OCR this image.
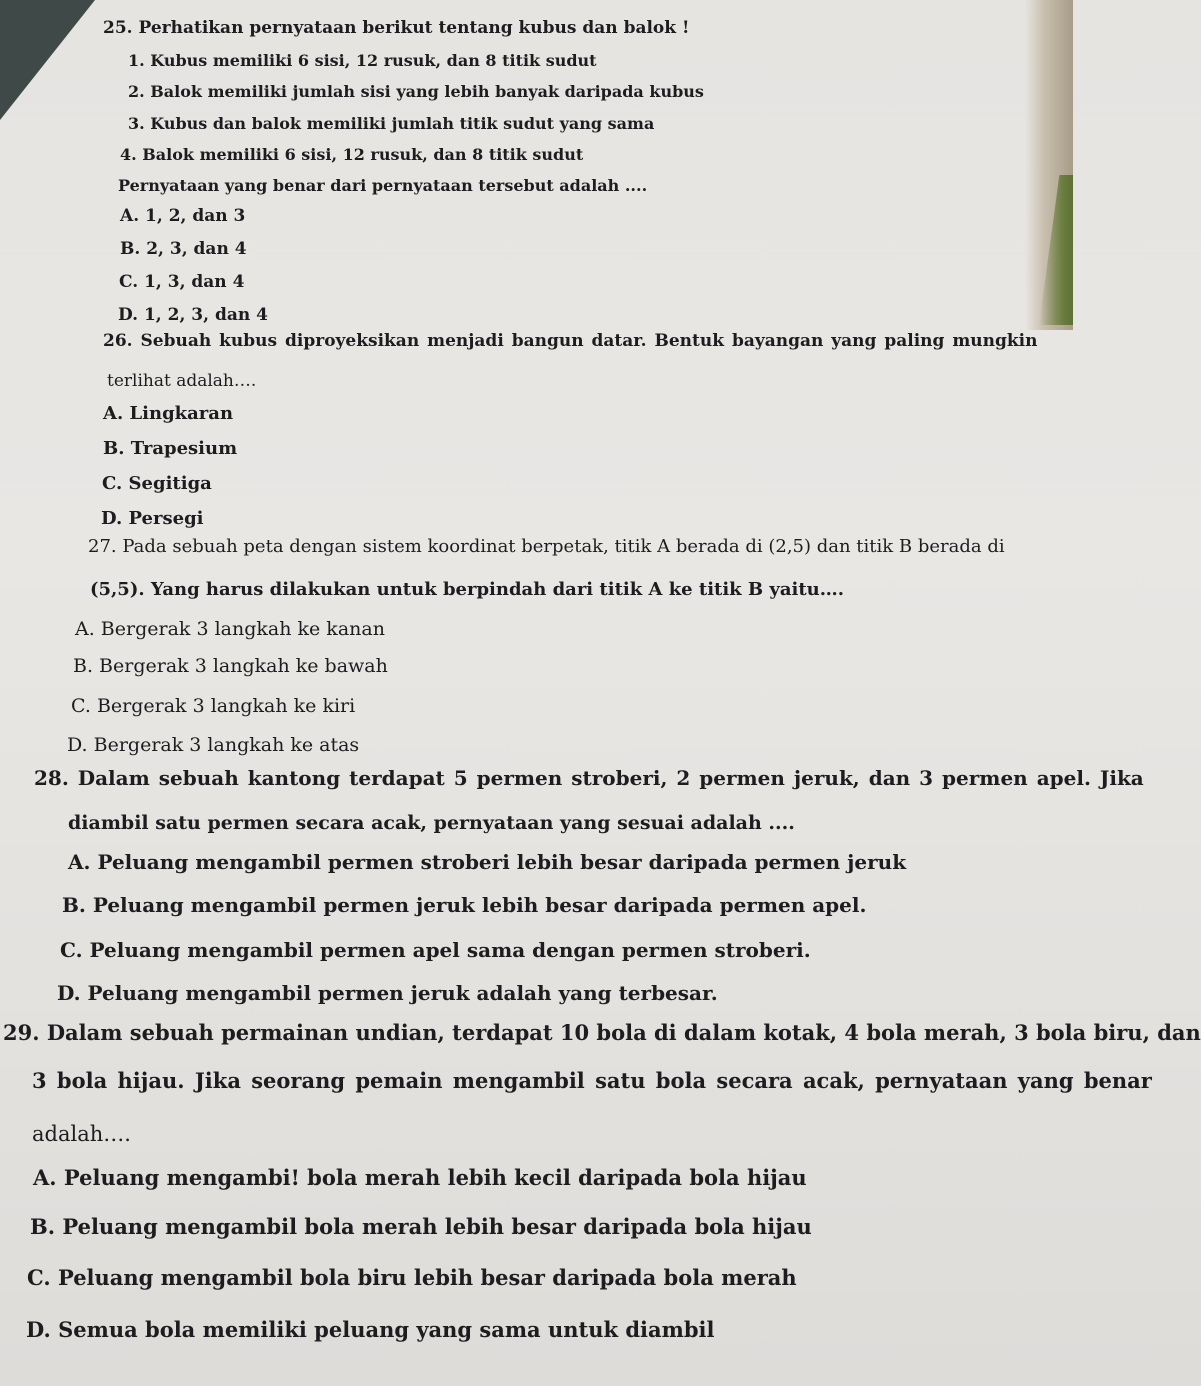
25. Perhatikan pernyataan berikut tentang kubus dan balok !

1. Kubus memiliki 6 sisi, 12 rusuk, dan 8 titik sudut

2. Balok memiliki jumlah sisi yang lebih banyak daripada kubus

3. Kubus dan balok memiliki jumlah titik sudut yang sama

4. Balok memiliki 6 sisi, 12 rusuk, dan 8 titik sudut

Pernyataan yang benar dari pernyataan tersebut adalah ....

A. 1, 2, dan 3

B. 2, 3, dan 4

C. 1, 3, dan 4

D. 1, 2, 3, dan 4

26. Sebuah kubus diproyeksikan menjadi bangun datar. Bentuk bayangan yang paling mungkin

terlihat adalah….

A. Lingkaran

B. Trapesium

C. Segitiga

D. Persegi

27. Pada sebuah peta dengan sistem koordinat berpetak, titik A berada di (2,5) dan titik B berada di

(5,5). Yang harus dilakukan untuk berpindah dari titik A ke titik B yaitu….

A. Bergerak 3 langkah ke kanan

B. Bergerak 3 langkah ke bawah

C. Bergerak 3 langkah ke kiri

D. Bergerak 3 langkah ke atas

28. Dalam sebuah kantong terdapat 5 permen stroberi, 2 permen jeruk, dan 3 permen apel. Jika

diambil satu permen secara acak, pernyataan yang sesuai adalah ....

A. Peluang mengambil permen stroberi lebih besar daripada permen jeruk

B. Peluang mengambil permen jeruk lebih besar daripada permen apel.

C. Peluang mengambil permen apel sama dengan permen stroberi.

D. Peluang mengambil permen jeruk adalah yang terbesar.

29. Dalam sebuah permainan undian, terdapat 10 bola di dalam kotak, 4 bola merah, 3 bola biru, dan

3 bola hijau. Jika seorang pemain mengambil satu bola secara acak, pernyataan yang benar

adalah….

A. Peluang mengambi! bola merah lebih kecil daripada bola hijau

B. Peluang mengambil bola merah lebih besar daripada bola hijau

C. Peluang mengambil bola biru lebih besar daripada bola merah

D. Semua bola memiliki peluang yang sama untuk diambil
